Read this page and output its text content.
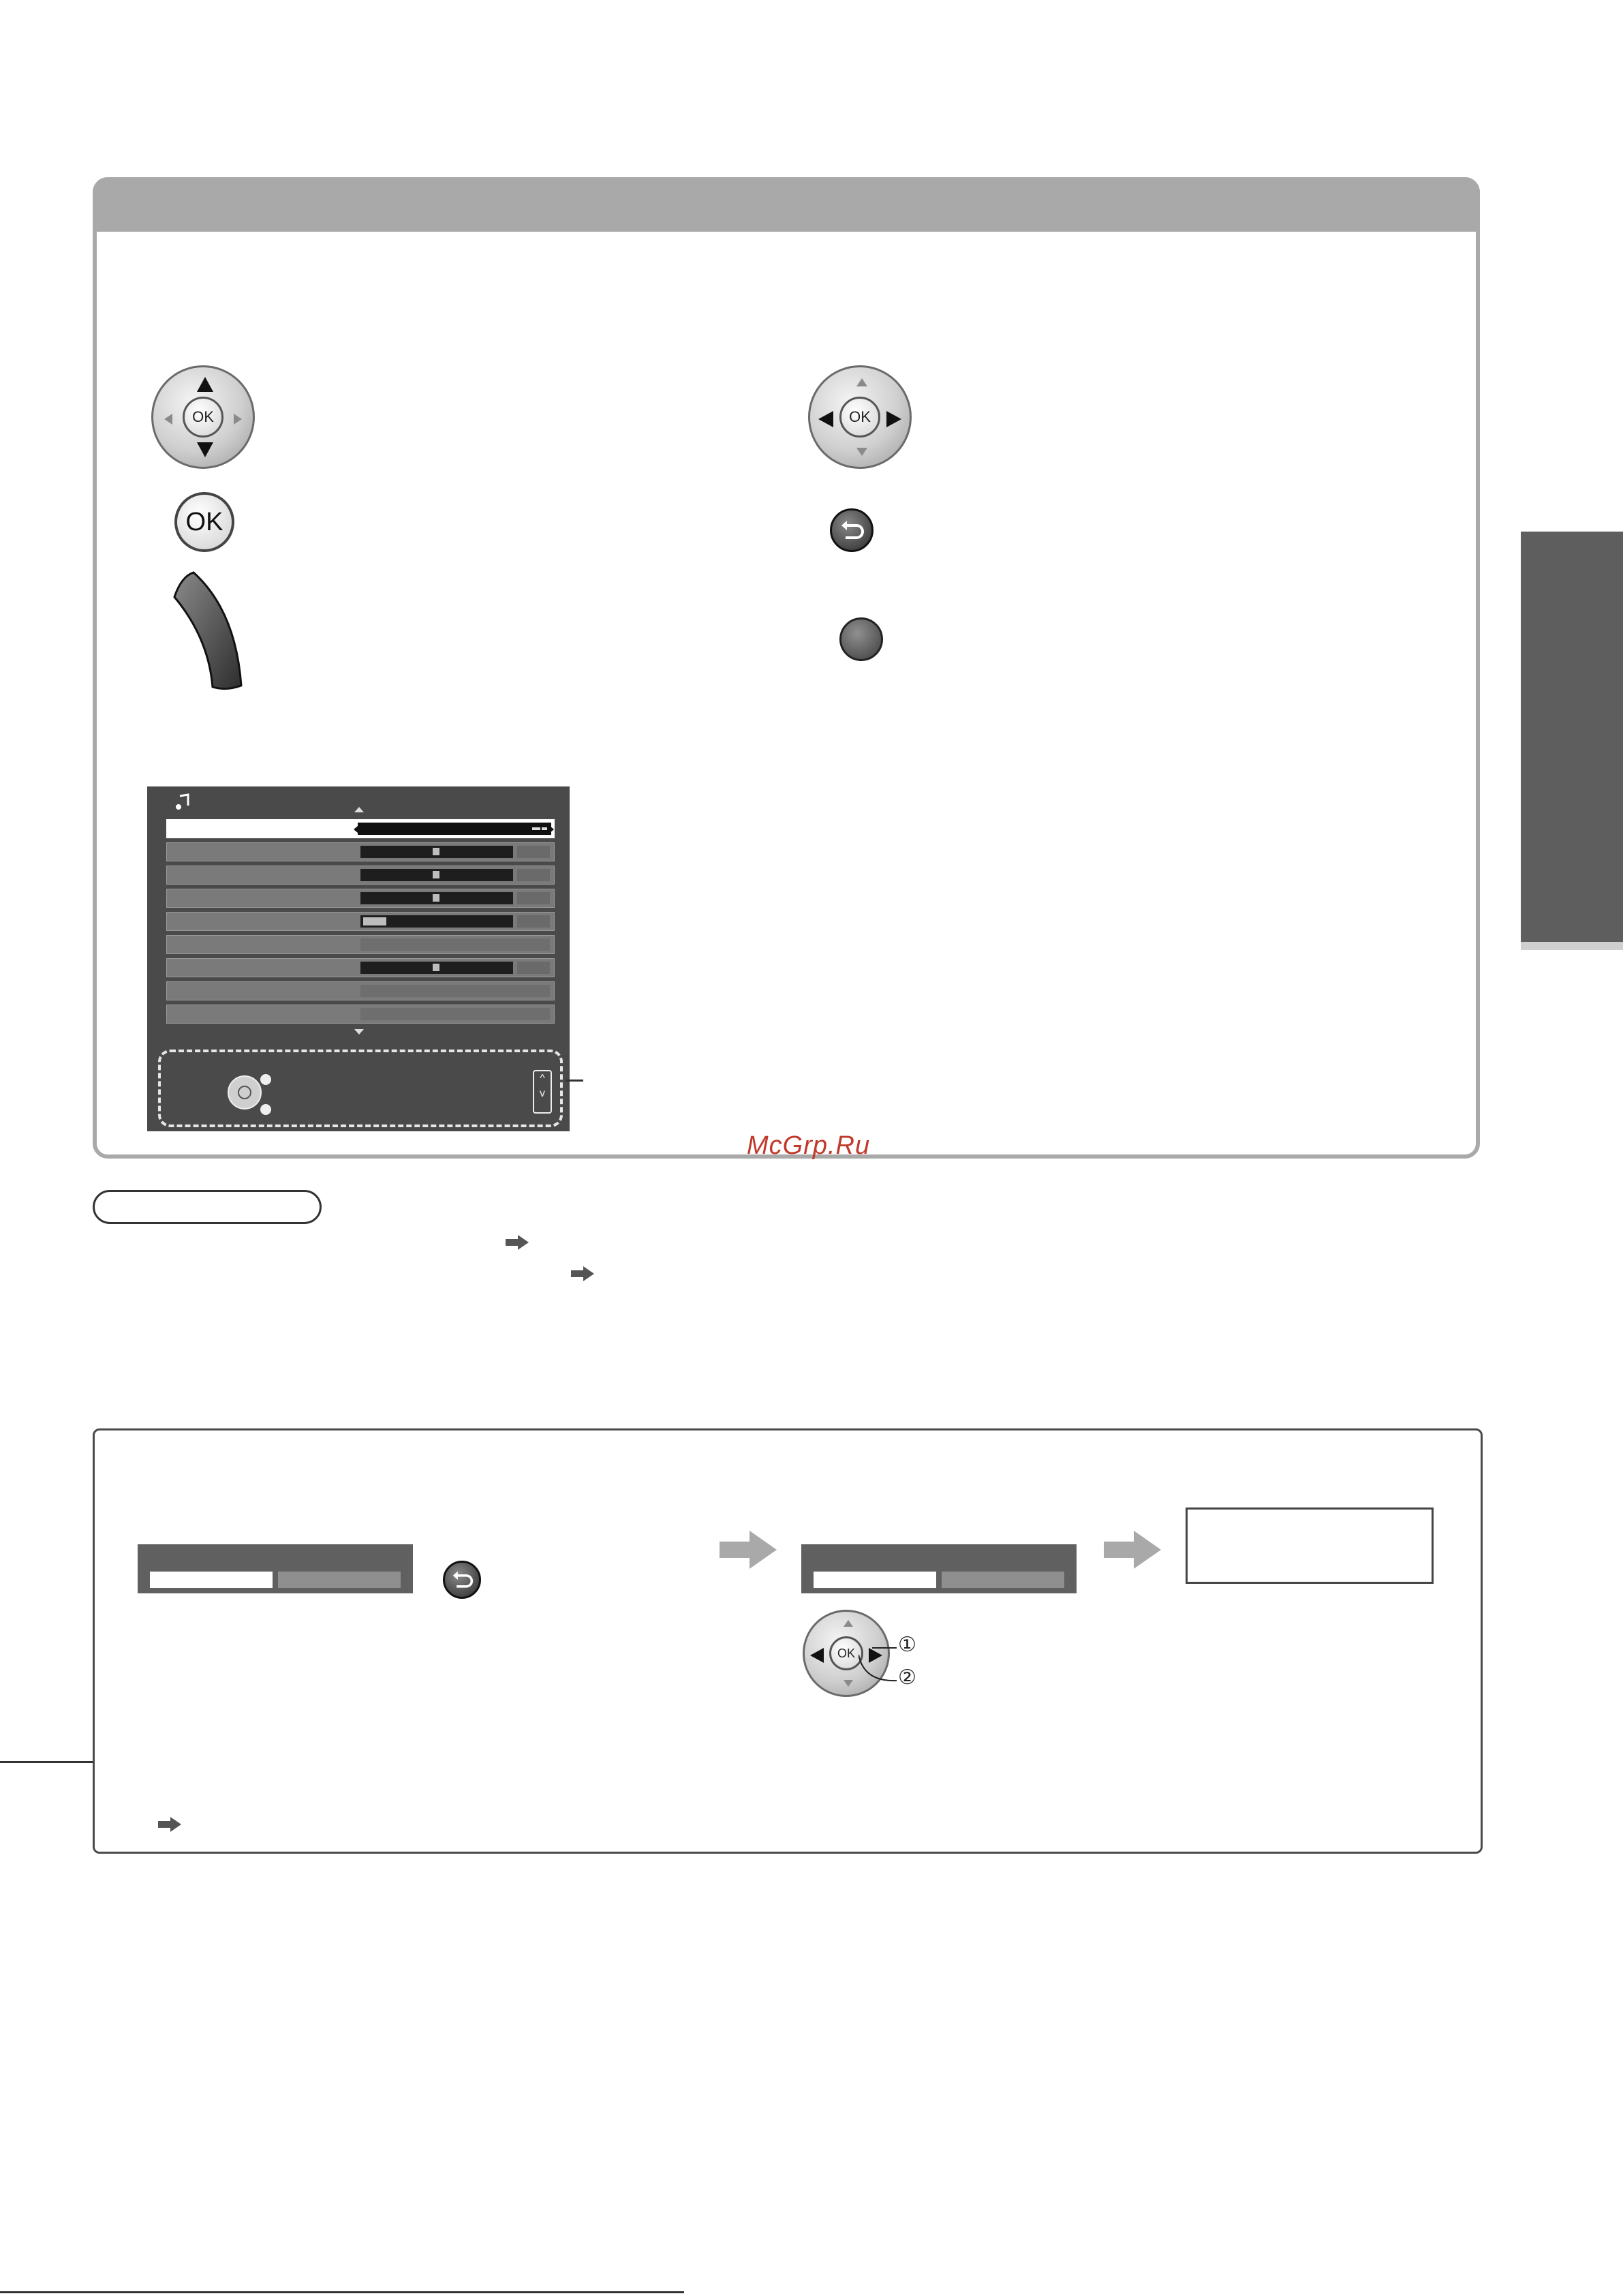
OK
OK
OK
^
v
McGrp.Ru
OK	①
②
